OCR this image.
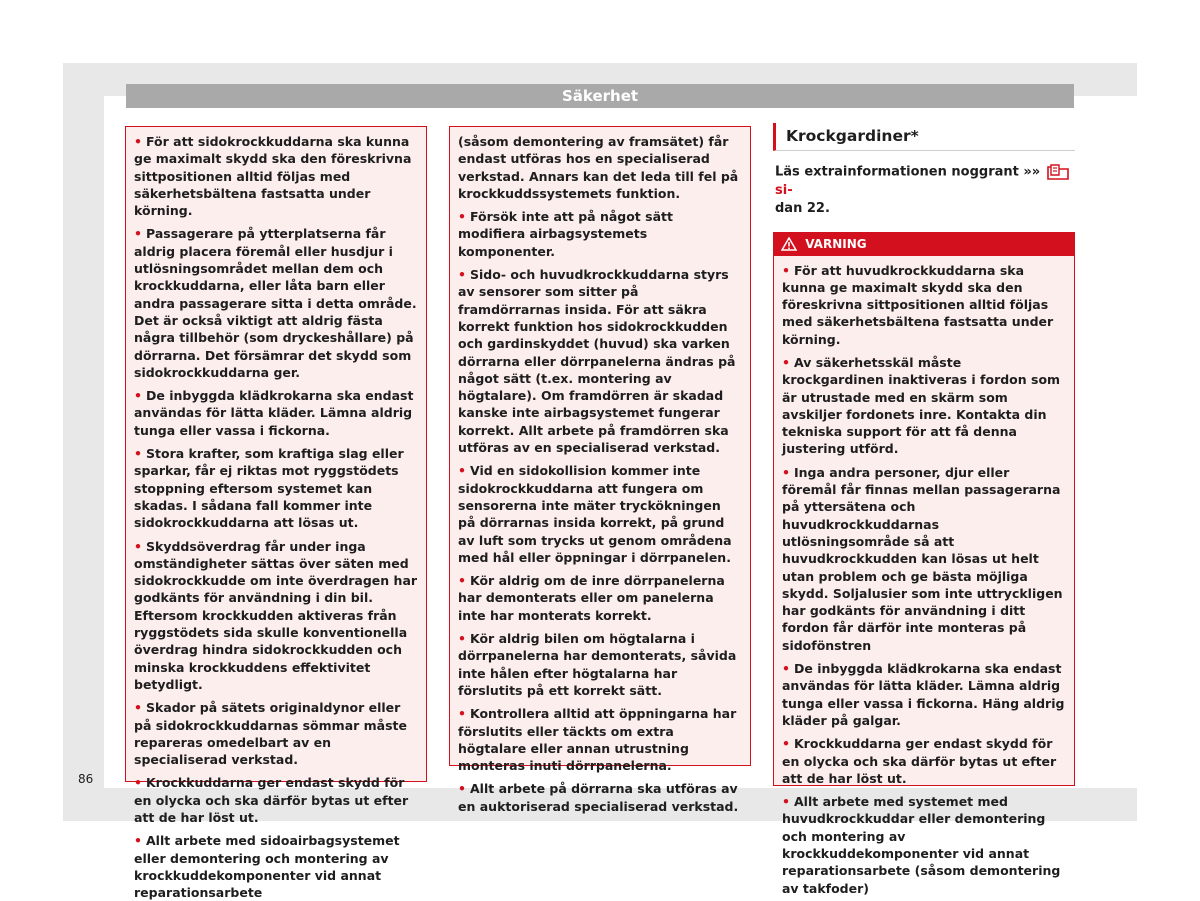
Säkerhet
• För att sidokrockkuddarna ska kunna ge maximalt skydd ska den föreskrivna sittpositionen alltid följas med säkerhetsbältena fastsatta under körning.
• Passagerare på ytterplatserna får aldrig placera föremål eller husdjur i utlösningsområdet mellan dem och krockkuddarna, eller låta barn eller andra passagerare sitta i detta område. Det är också viktigt att aldrig fästa några tillbehör (som dryckeshållare) på dörrarna. Det försämrar det skydd som sidokrockkuddarna ger.
• De inbyggda klädkrokarna ska endast användas för lätta kläder. Lämna aldrig tunga eller vassa i fickorna.
• Stora krafter, som kraftiga slag eller sparkar, får ej riktas mot ryggstödets stoppning eftersom systemet kan skadas. I sådana fall kommer inte sidokrockkuddarna att lösas ut.
• Skyddsöverdrag får under inga omständigheter sättas över säten med sidokrockkudde om inte överdragen har godkänts för användning i din bil. Eftersom krockkudden aktiveras från ryggstödets sida skulle konventionella överdrag hindra sidokrockkudden och minska krockkuddens effektivitet betydligt.
• Skador på sätets originaldynor eller på sidokrockkuddarnas sömmar måste repareras omedelbart av en specialiserad verkstad.
• Krockkuddarna ger endast skydd för en olycka och ska därför bytas ut efter att de har löst ut.
• Allt arbete med sidoairbagsystemet eller demontering och montering av krockkuddekomponenter vid annat reparationsarbete
(såsom demontering av framsätet) får endast utföras hos en specialiserad verkstad. Annars kan det leda till fel på krockkuddssystemets funktion.
• Försök inte att på något sätt modifiera airbagsystemets komponenter.
• Sido- och huvudkrockkuddarna styrs av sensorer som sitter på framdörrarnas insida. För att säkra korrekt funktion hos sidokrockkudden och gardinskyddet (huvud) ska varken dörrarna eller dörrpanelerna ändras på något sätt (t.ex. montering av högtalare). Om framdörren är skadad kanske inte airbagsystemet fungerar korrekt. Allt arbete på framdörren ska utföras av en specialiserad verkstad.
• Vid en sidokollision kommer inte sidokrockkuddarna att fungera om sensorerna inte mäter tryckökningen på dörrarnas insida korrekt, på grund av luft som trycks ut genom områdena med hål eller öppningar i dörrpanelen.
• Kör aldrig om de inre dörrpanelerna har demonterats eller om panelerna inte har monterats korrekt.
• Kör aldrig bilen om högtalarna i dörrpanelerna har demonterats, såvida inte hålen efter högtalarna har förslutits på ett korrekt sätt.
• Kontrollera alltid att öppningarna har förslutits eller täckts om extra högtalare eller annan utrustning monteras inuti dörrpanelerna.
• Allt arbete på dörrarna ska utföras av en auktoriserad specialiserad verkstad.
Krockgardiner*
Läs extrainformationen noggrant »»  si-
dan 22.
VARNING
• För att huvudkrockkuddarna ska kunna ge maximalt skydd ska den föreskrivna sittpositionen alltid följas med säkerhetsbältena fastsatta under körning.
• Av säkerhetsskäl måste krockgardinen inaktiveras i fordon som är utrustade med en skärm som avskiljer fordonets inre. Kontakta din tekniska support för att få denna justering utförd.
• Inga andra personer, djur eller föremål får finnas mellan passagerarna på yttersätena och huvudkrockkuddarnas utlösningsområde så att huvudkrockkudden kan lösas ut helt utan problem och ge bästa möjliga skydd. Soljalusier som inte uttryckligen har godkänts för användning i ditt fordon får därför inte monteras på sidofönstren
• De inbyggda klädkrokarna ska endast användas för lätta kläder. Lämna aldrig tunga eller vassa i fickorna. Häng aldrig kläder på galgar.
• Krockkuddarna ger endast skydd för en olycka och ska därför bytas ut efter att de har löst ut.
• Allt arbete med systemet med huvudkrockkuddar eller demontering och montering av krockkuddekomponenter vid annat reparationsarbete (såsom demontering av takfoder)
86
